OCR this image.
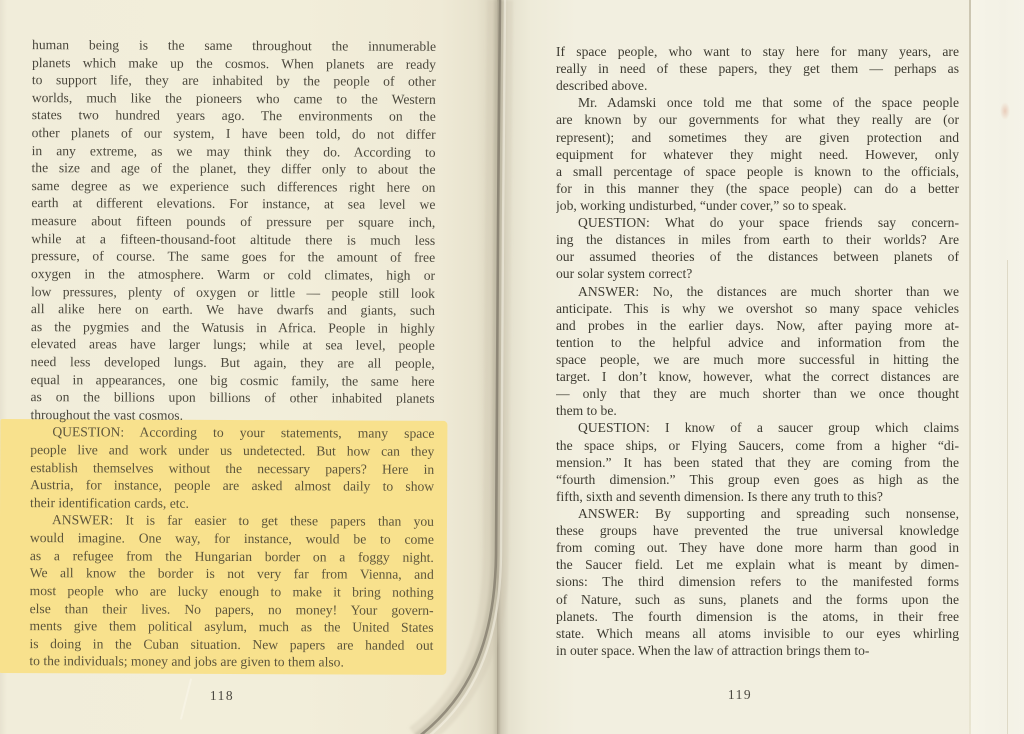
human being is the same throughout the innumerable
planets which make up the cosmos. When planets are ready
to support life, they are inhabited by the people of other
worlds, much like the pioneers who came to the Western
states two hundred years ago. The environments on the
other planets of our system, I have been told, do not differ
in any extreme, as we may think they do. According to
the size and age of the planet, they differ only to about the
same degree as we experience such differences right here on
earth at different elevations. For instance, at sea level we
measure about fifteen pounds of pressure per square inch,
while at a fifteen-thousand-foot altitude there is much less
pressure, of course. The same goes for the amount of free
oxygen in the atmosphere. Warm or cold climates, high or
low pressures, plenty of oxygen or little — people still look
all alike here on earth. We have dwarfs and giants, such
as the pygmies and the Watusis in Africa. People in highly
elevated areas have larger lungs; while at sea level, people
need less developed lungs. But again, they are all people,
equal in appearances, one big cosmic family, the same here
as on the billions upon billions of other inhabited planets
throughout the vast cosmos.
QUESTION: According to your statements, many space
people live and work under us undetected. But how can they
establish themselves without the necessary papers? Here in
Austria, for instance, people are asked almost daily to show
their identification cards, etc.
ANSWER: It is far easier to get these papers than you
would imagine. One way, for instance, would be to come
as a refugee from the Hungarian border on a foggy night.
We all know the border is not very far from Vienna, and
most people who are lucky enough to make it bring nothing
else than their lives. No papers, no money! Your govern-
ments give them political asylum, much as the United States
is doing in the Cuban situation. New papers are handed out
to the individuals; money and jobs are given to them also.
118
If space people, who want to stay here for many years, are
really in need of these papers, they get them — perhaps as
described above.
Mr. Adamski once told me that some of the space people
are known by our governments for what they really are (or
represent); and sometimes they are given protection and
equipment for whatever they might need. However, only
a small percentage of space people is known to the officials,
for in this manner they (the space people) can do a better
job, working undisturbed, “under cover,” so to speak.
QUESTION: What do your space friends say concern-
ing the distances in miles from earth to their worlds? Are
our assumed theories of the distances between planets of
our solar system correct?
ANSWER: No, the distances are much shorter than we
anticipate. This is why we overshot so many space vehicles
and probes in the earlier days. Now, after paying more at-
tention to the helpful advice and information from the
space people, we are much more successful in hitting the
target. I don’t know, however, what the correct distances are
— only that they are much shorter than we once thought
them to be.
QUESTION: I know of a saucer group which claims
the space ships, or Flying Saucers, come from a higher “di-
mension.” It has been stated that they are coming from the
“fourth dimension.” This group even goes as high as the
fifth, sixth and seventh dimension. Is there any truth to this?
ANSWER: By supporting and spreading such nonsense,
these groups have prevented the true universal knowledge
from coming out. They have done more harm than good in
the Saucer field. Let me explain what is meant by dimen-
sions: The third dimension refers to the manifested forms
of Nature, such as suns, planets and the forms upon the
planets. The fourth dimension is the atoms, in their free
state. Which means all atoms invisible to our eyes whirling
in outer space. When the law of attraction brings them to-
119
